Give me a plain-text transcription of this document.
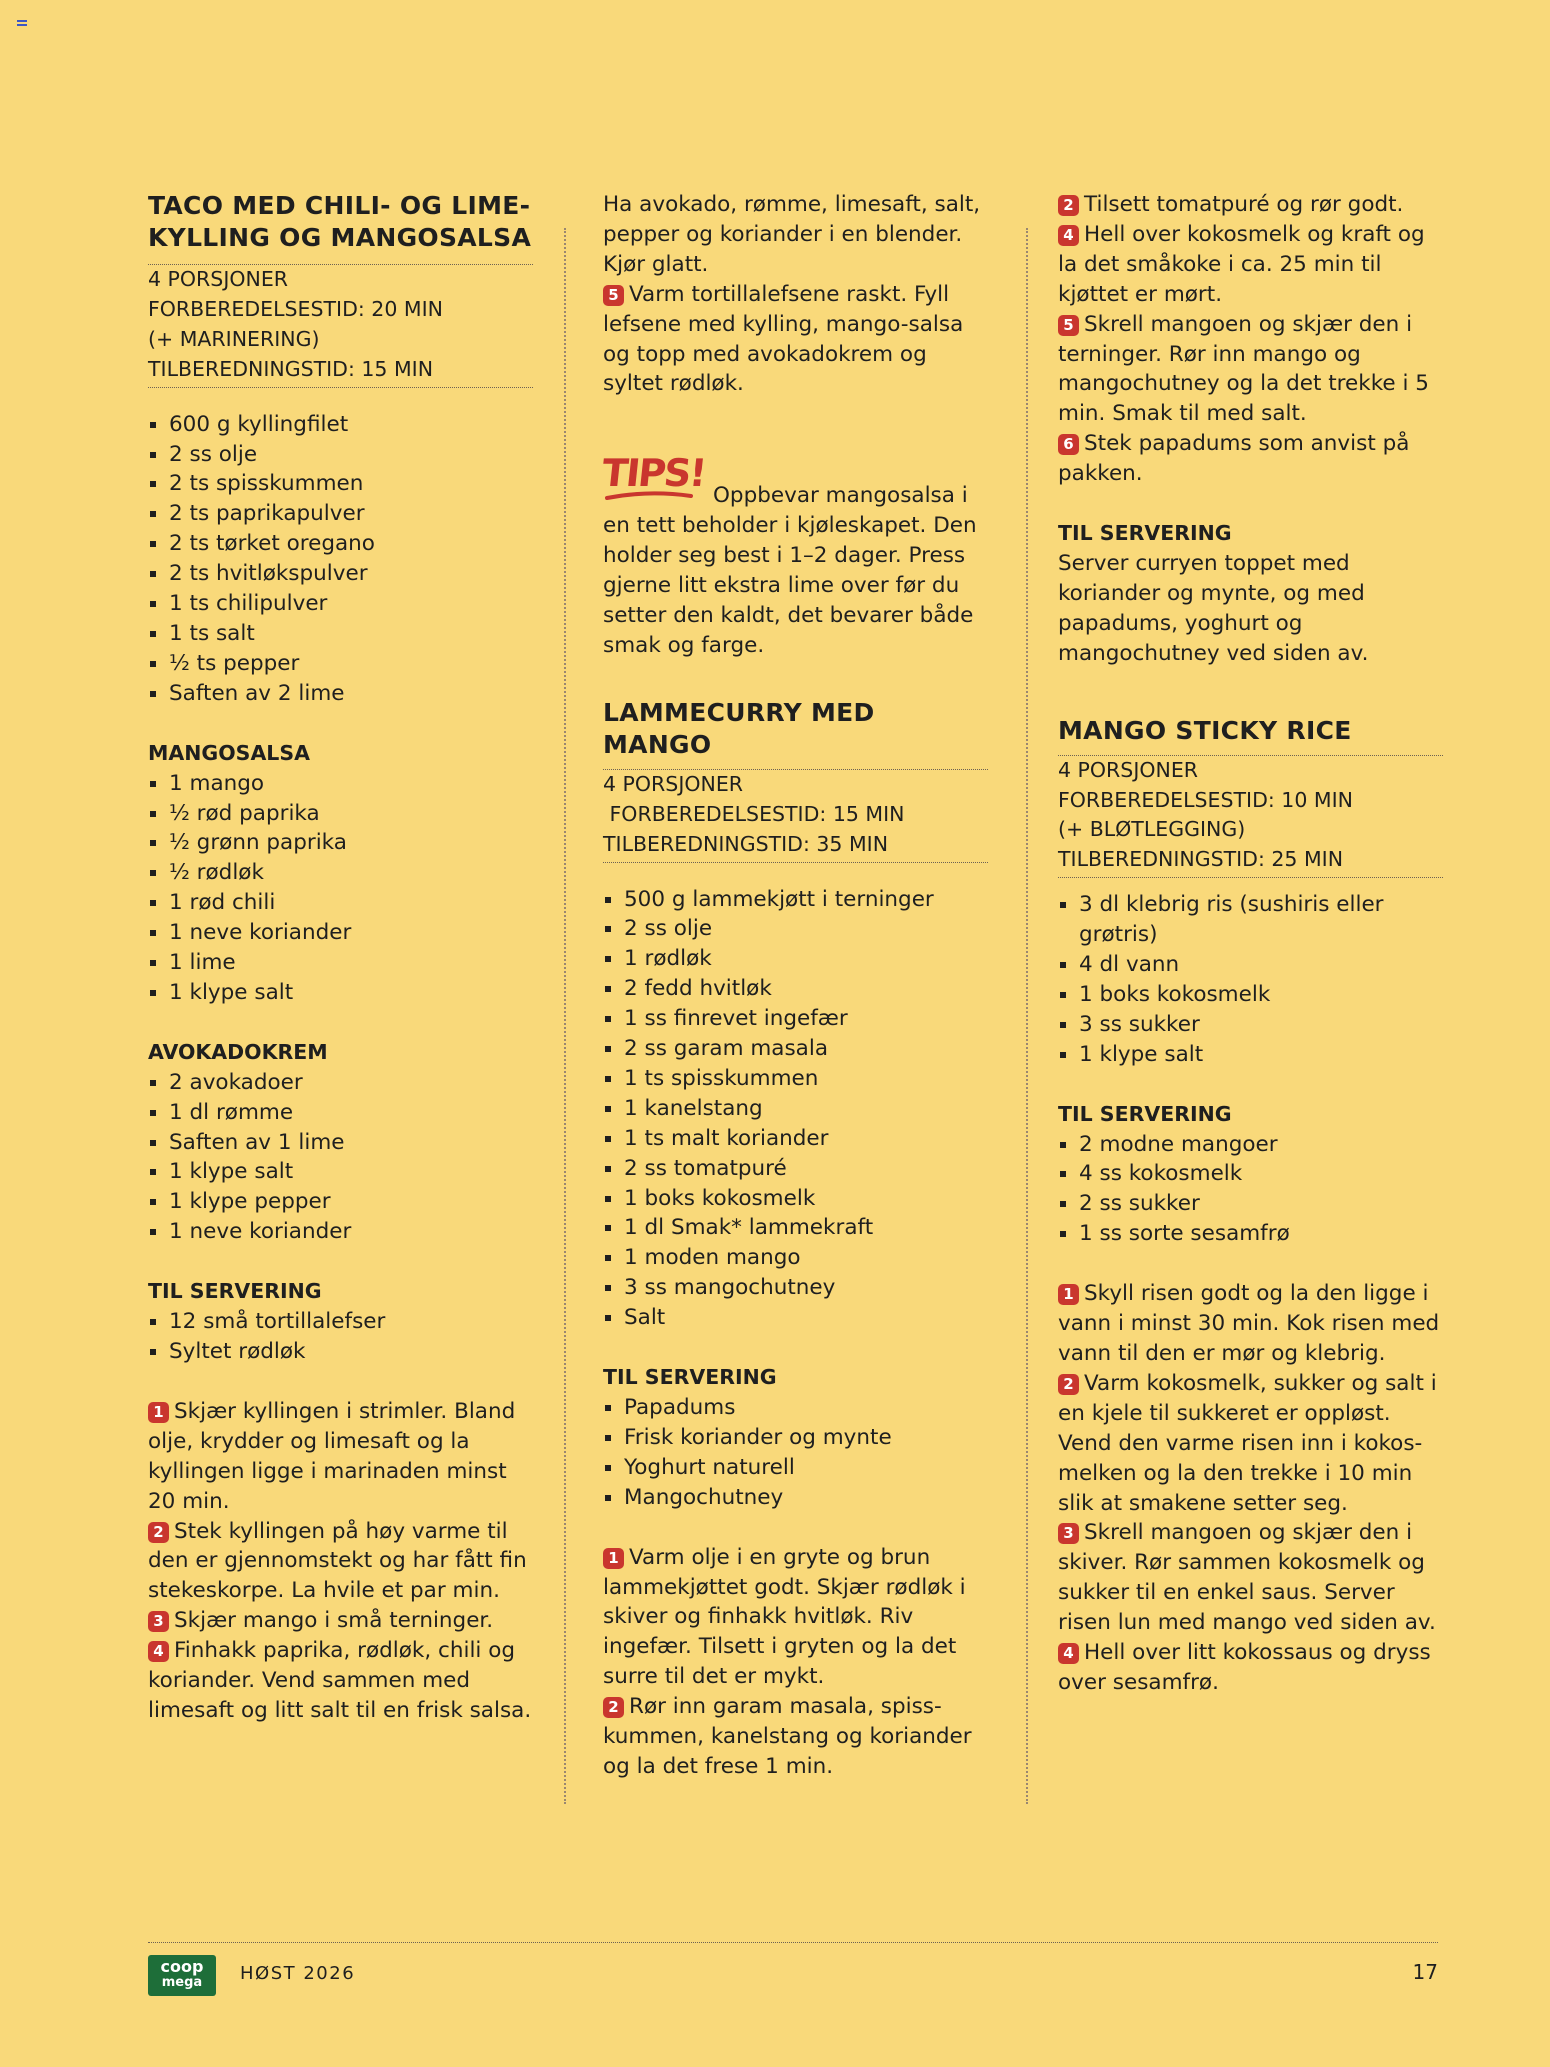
TACO MED CHILI- OG LIME-KYLLING OG MANGOSALSA
4 PORSJONER
FORBEREDELSESTID: 20 MIN
(+ MARINERING)
TILBEREDNINGSTID: 15 MIN
600 g kyllingfilet
2 ss olje
2 ts spisskummen
2 ts paprikapulver
2 ts tørket oregano
2 ts hvitløkspulver
1 ts chilipulver
1 ts salt
½ ts pepper
Saften av 2 lime

MANGOSALSA

1 mango
½ rød paprika
½ grønn paprika
½ rødløk
1 rød chili
1 neve koriander
1 lime
1 klype salt

AVOKADOKREM

2 avokadoer
1 dl rømme
Saften av 1 lime
1 klype salt
1 klype pepper
1 neve koriander

TIL SERVERING

12 små tortillalefser
Syltet rødløk

1 Skjær kyllingen i strimler. Bland olje, krydder og limesaft og la kyllingen ligge i marinaden minst 20 min.

2 Stek kyllingen på høy varme til den er gjennomstekt og har fått fin stekeskorpe. La hvile et par min.

3 Skjær mango i små terninger.

4 Finhakk paprika, rødløk, chili og koriander. Vend sammen med limesaft og litt salt til en frisk salsa.

Ha avokado, rømme, limesaft, salt, pepper og koriander i en blender. Kjør glatt.

5 Varm tortillalefsene raskt. Fyll lefsene med kylling, mango-salsa og topp med avokadokrem og syltet rødløk.

TIPS!

Oppbevar mangosalsa i en tett beholder i kjøleskapet. Den holder seg best i 1–2 dager. Press gjerne litt ekstra lime over før du setter den kaldt, det bevarer både smak og farge.

LAMMECURRY MED MANGO
4 PORSJONER
FORBEREDELSESTID: 15 MIN
TILBEREDNINGSTID: 35 MIN
500 g lammekjøtt i terninger
2 ss olje
1 rødløk
2 fedd hvitløk
1 ss finrevet ingefær
2 ss garam masala
1 ts spisskummen
1 kanelstang
1 ts malt koriander
2 ss tomatpuré
1 boks kokosmelk
1 dl Smak* lammekraft
1 moden mango
3 ss mangochutney
Salt

TIL SERVERING

Papadums
Frisk koriander og mynte
Yoghurt naturell
Mangochutney

1 Varm olje i en gryte og brun lammekjøttet godt. Skjær rødløk i skiver og finhakk hvitløk. Riv ingefær. Tilsett i gryten og la det surre til det er mykt.

2 Rør inn garam masala, spiss-kummen, kanelstang og koriander og la det frese 1 min.

2 Tilsett tomatpuré og rør godt.

4 Hell over kokosmelk og kraft og la det småkoke i ca. 25 min til kjøttet er mørt.

5 Skrell mangoen og skjær den i terninger. Rør inn mango og mangochutney og la det trekke i 5 min. Smak til med salt.

6 Stek papadums som anvist på pakken.

TIL SERVERING

Server curryen toppet med koriander og mynte, og med papadums, yoghurt og mangochutney ved siden av.

MANGO STICKY RICE
4 PORSJONER
FORBEREDELSESTID: 10 MIN
(+ BLØTLEGGING)
TILBEREDNINGSTID: 25 MIN
3 dl klebrig ris (sushiris eller grøtris)
4 dl vann
1 boks kokosmelk
3 ss sukker
1 klype salt

TIL SERVERING

2 modne mangoer
4 ss kokosmelk
2 ss sukker
1 ss sorte sesamfrø

1 Skyll risen godt og la den ligge i vann i minst 30 min. Kok risen med vann til den er mør og klebrig.

2 Varm kokosmelk, sukker og salt i en kjele til sukkeret er oppløst. Vend den varme risen inn i kokos-melken og la den trekke i 10 min slik at smakene setter seg.

3 Skrell mangoen og skjær den i skiver. Rør sammen kokosmelk og sukker til en enkel saus. Server risen lun med mango ved siden av.

4 Hell over litt kokossaus og dryss over sesamfrø.

coop
mega	HØST 2026	17
